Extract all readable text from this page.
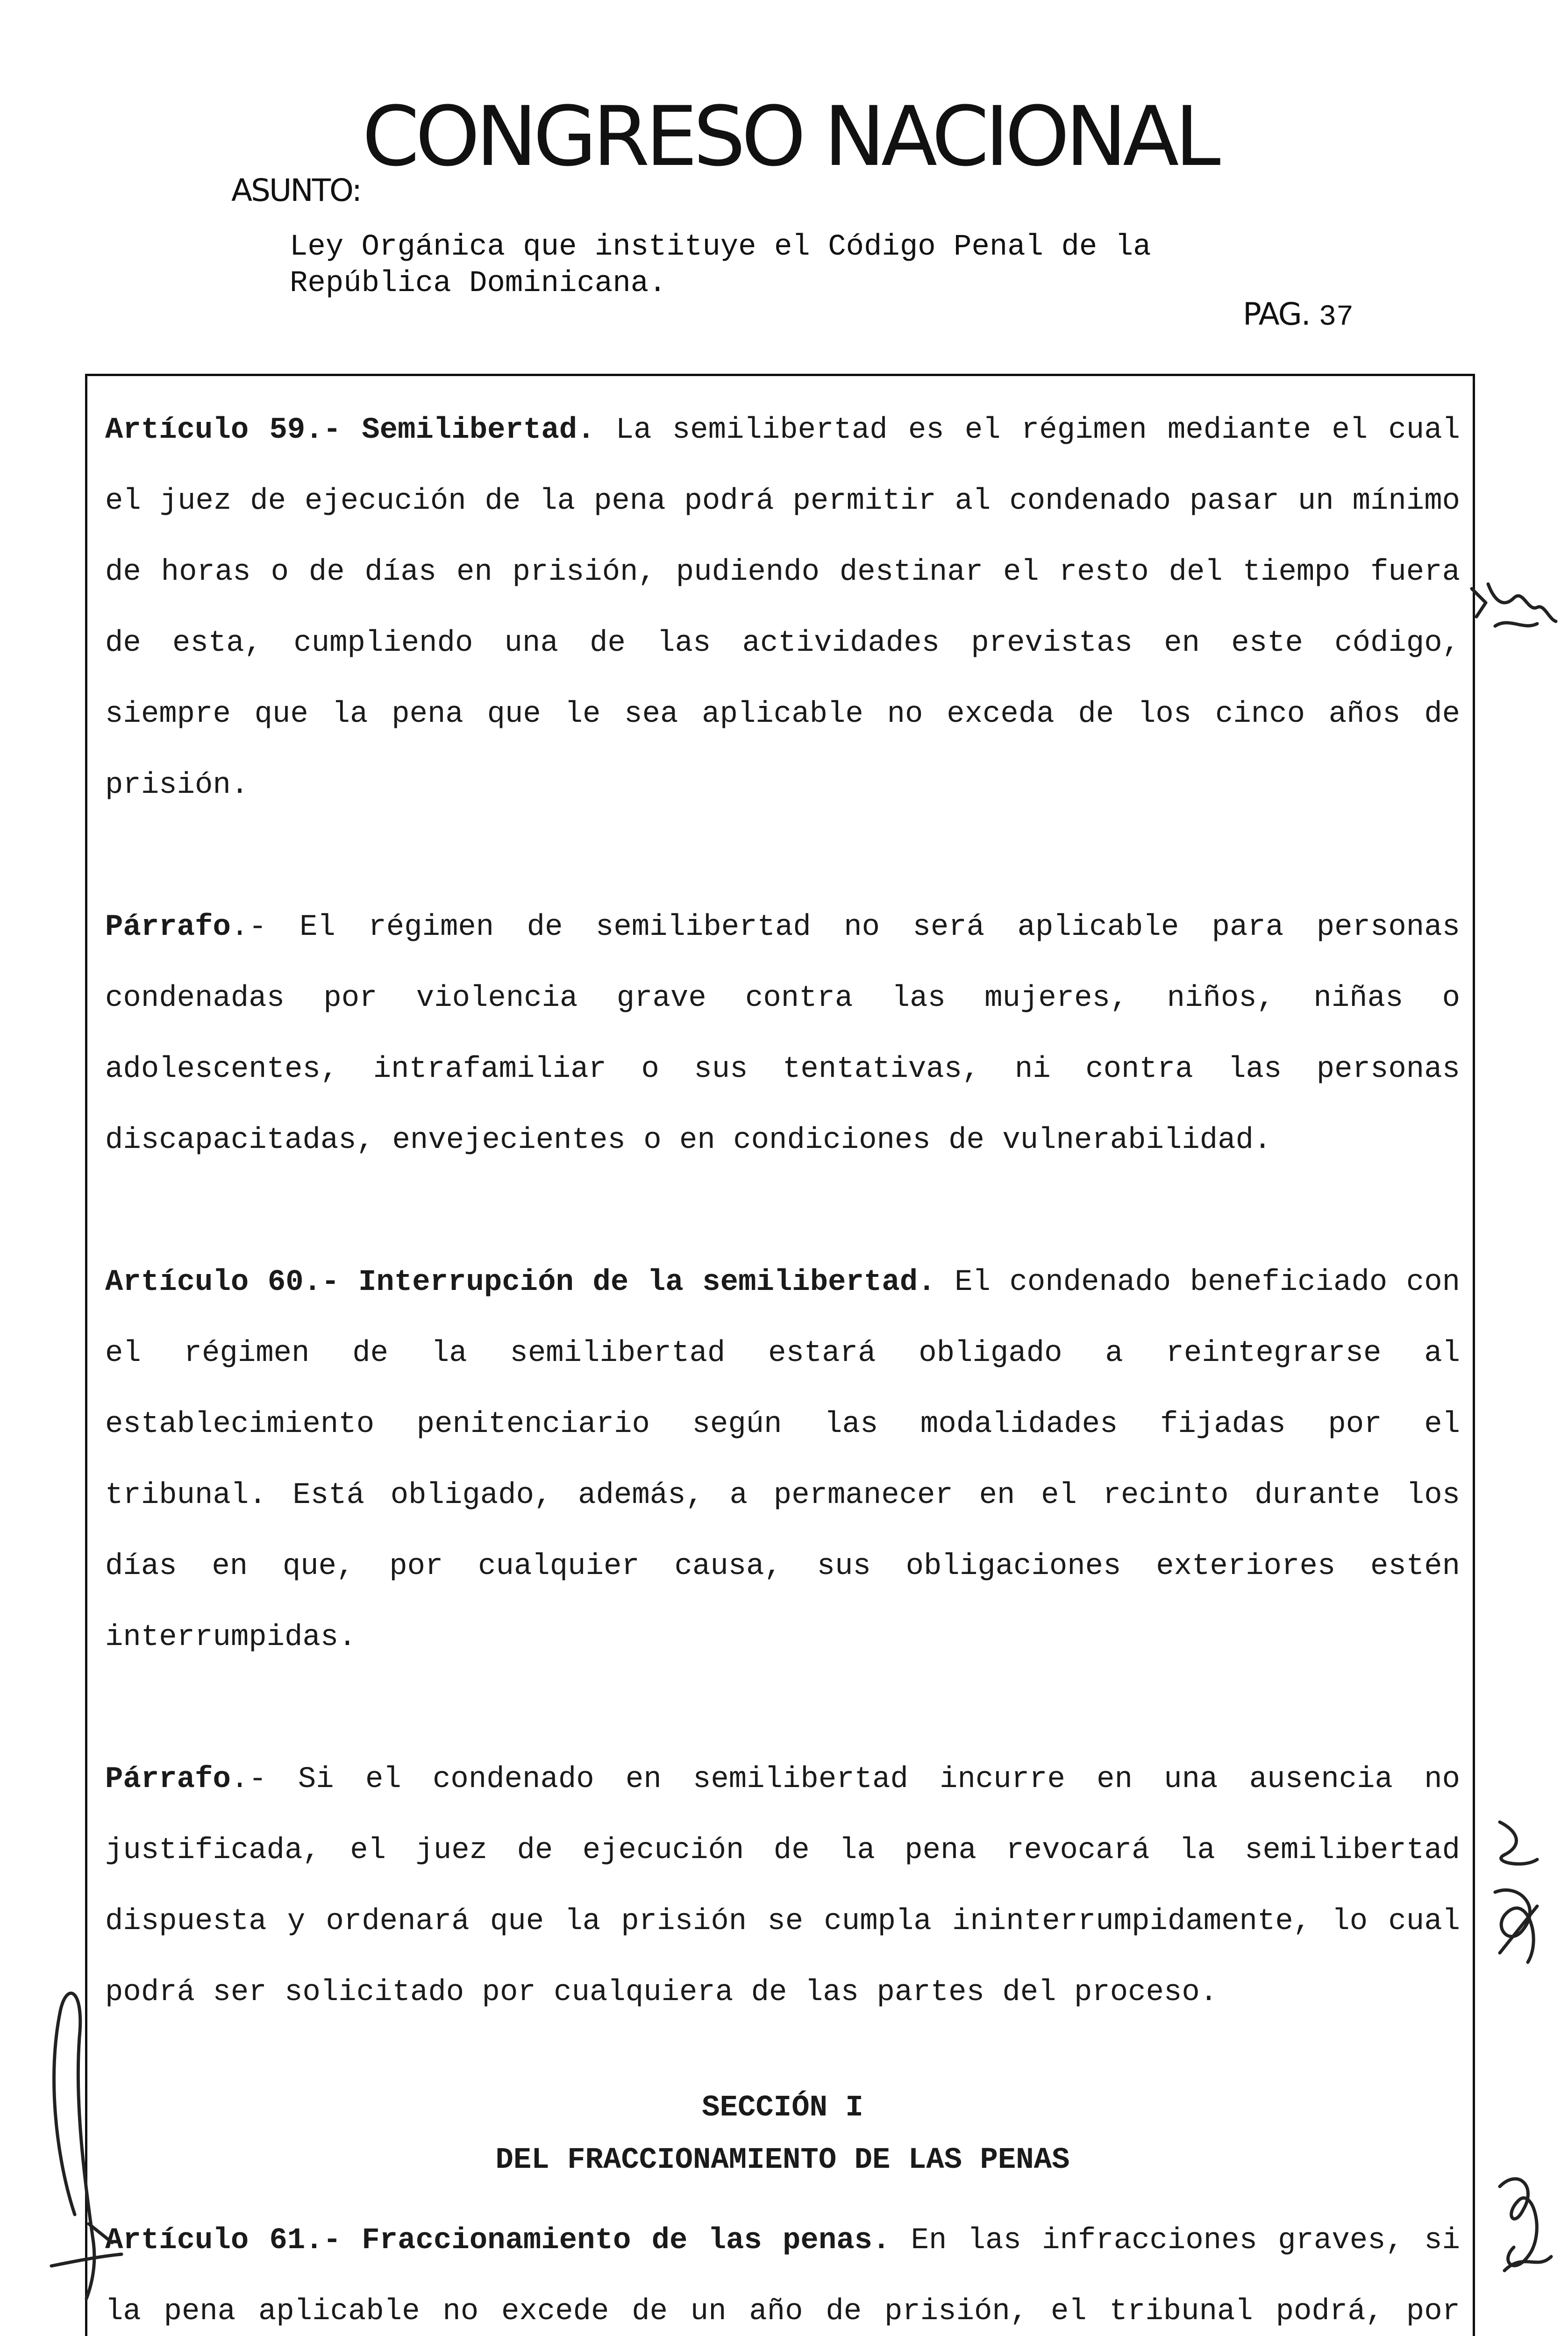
CONGRESO NACIONAL
ASUNTO:
Ley Orgánica que instituye el Código Penal de la
República Dominicana.
PAG. 37

Artículo 59.- Semilibertad. La semilibertad es el régimen mediante el cual el juez de ejecución de la pena podrá permitir al condenado pasar un mínimo de horas o de días en prisión, pudiendo destinar el resto del tiempo fuera de esta, cumpliendo una de las actividades previstas en este código, siempre que la pena que le sea aplicable no exceda de los cinco años de prisión.

Párrafo.- El régimen de semilibertad no será aplicable para personas condenadas por violencia grave contra las mujeres, niños, niñas o adolescentes, intrafamiliar o sus tentativas, ni contra las personas discapacitadas, envejecientes o en condiciones de vulnerabilidad.

Artículo 60.- Interrupción de la semilibertad. El condenado beneficiado con el régimen de la semilibertad estará obligado a reintegrarse al establecimiento penitenciario según las modalidades fijadas por el tribunal. Está obligado, además, a permanecer en el recinto durante los días en que, por cualquier causa, sus obligaciones exteriores estén interrumpidas.

Párrafo.- Si el condenado en semilibertad incurre en una ausencia no justificada, el juez de ejecución de la pena revocará la semilibertad dispuesta y ordenará que la prisión se cumpla ininterrumpidamente, lo cual podrá ser solicitado por cualquiera de las partes del proceso.

SECCIÓN I
DEL FRACCIONAMIENTO DE LAS PENAS

Artículo 61.- Fraccionamiento de las penas. En las infracciones graves, si la pena aplicable no excede de un año de prisión, el tribunal podrá, por
